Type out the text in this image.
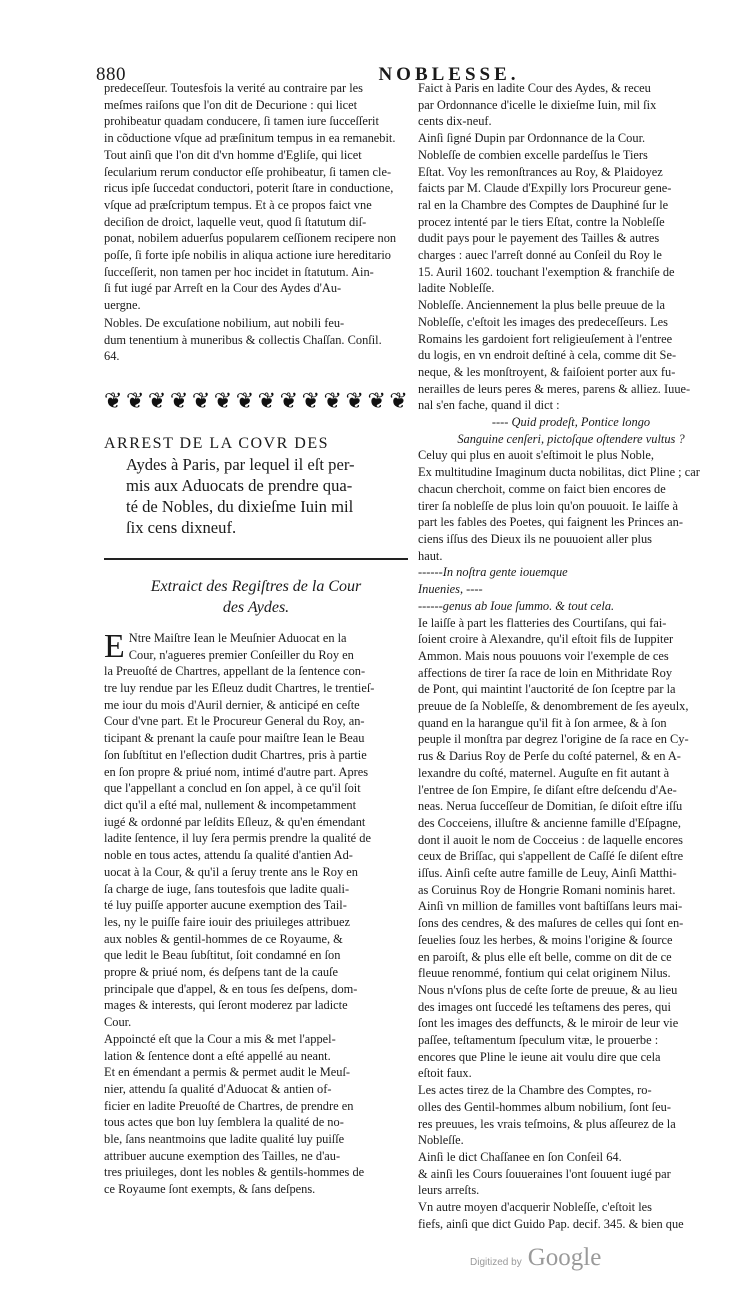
880	NOBLESSE.
predeceſſeur. Toutesfois la verité au contraire par les
meſmes raiſons que l'on dit de Decurione : qui licet
prohibeatur quadam conducere, ſi tamen iure ſucceſſerit
in cõductione vſque ad præſinitum tempus in ea remanebit.
Tout ainſi que l'on dit d'vn homme d'Egliſe, qui licet
ſecularium rerum conductor eſſe prohibeatur, ſi tamen cle-
ricus ipſe ſuccedat conductori, poterit ſtare in conductione,
vſque ad præſcriptum tempus. Et à ce propos faict vne
deciſion de droict, laquelle veut, quod ſi ſtatutum diſ-
ponat, nobilem aduerſus popularem ceſſionem recipere non
poſſe, ſi forte ipſe nobilis in aliqua actione iure hereditario
ſucceſſerit, non tamen per hoc incidet in ſtatutum. Ain-
ſi fut iugé par Arreſt en la Cour des Aydes d'Au-
uergne.
Nobles. De excuſatione nobilium, aut nobili feu-
dum tenentium à muneribus & collectis Chaſſan. Conſil.
64.
❦ ❦ ❦ ❦ ❦ ❦ ❦ ❦ ❦ ❦ ❦ ❦ ❦ ❦
ARREST DE LA COVR DES
Aydes à Paris, par lequel il eſt per-
mis aux Aduocats de prendre qua-
té de Nobles, du dixieſme Iuin mil
ſix cens dixneuf.
Extraict des Regiſtres de la Cour
des Aydes.
E Ntre Maiſtre Iean le Meuſnier Aduocat en la
Cour, n'agueres premier Conſeiller du Roy en
la Preuoſté de Chartres, appellant de la ſentence con-
tre luy rendue par les Eſleuz dudit Chartres, le trentieſ-
me iour du mois d'Auril dernier, & anticipé en ceſte
Cour d'vne part. Et le Procureur General du Roy, an-
ticipant & prenant la cauſe pour maiſtre Iean le Beau
ſon ſubſtitut en l'eſlection dudit Chartres, pris à partie
en ſon propre & priué nom, intimé d'autre part. Apres
que l'appellant a conclud en ſon appel, à ce qu'il ſoit
dict qu'il a eſté mal, nullement & incompetamment
iugé & ordonné par leſdits Eſleuz, & qu'en émendant
ladite ſentence, il luy ſera permis prendre la qualité de
noble en tous actes, attendu ſa qualité d'antien Ad-
uocat à la Cour, & qu'il a ſeruy trente ans le Roy en
ſa charge de iuge, ſans toutesfois que ladite quali-
té luy puiſſe apporter aucune exemption des Tail-
les, ny le puiſſe faire iouir des priuileges attribuez
aux nobles & gentil-hommes de ce Royaume, &
que ledit le Beau ſubſtitut, ſoit condamné en ſon
propre & priué nom, és deſpens tant de la cauſe
principale que d'appel, & en tous ſes deſpens, dom-
mages & interests, qui ſeront moderez par ladicte
Cour.
Appoincté eſt que la Cour a mis & met l'appel-
lation & ſentence dont a eſté appellé au neant.
Et en émendant a permis & permet audit le Meuſ-
nier, attendu ſa qualité d'Aduocat & antien of-
ficier en ladite Preuoſté de Chartres, de prendre en
tous actes que bon luy ſemblera la qualité de no-
ble, ſans neantmoins que ladite qualité luy puiſſe
attribuer aucune exemption des Tailles, ne d'au-
tres priuileges, dont les nobles & gentils-hommes de
ce Royaume ſont exempts, & ſans deſpens.
Faict à Paris en ladite Cour des Aydes, & receu
par Ordonnance d'icelle le dixieſme Iuin, mil ſix
cents dix-neuf.
Ainſi ſigné Dupin par Ordonnance de la Cour.
Nobleſſe de combien excelle pardeſſus le Tiers
Eſtat. Voy les remonſtrances au Roy, & Plaidoyez
faicts par M. Claude d'Expilly lors Procureur gene-
ral en la Chambre des Comptes de Dauphiné ſur le
procez intenté par le tiers Eſtat, contre la Nobleſſe
dudit pays pour le payement des Tailles & autres
charges : auec l'arreſt donné au Conſeil du Roy le
15. Auril 1602. touchant l'exemption & franchiſe de
ladite Nobleſſe.
Nobleſſe. Anciennement la plus belle preuue de la
Nobleſſe, c'eſtoit les images des predeceſſeurs. Les
Romains les gardoient fort religieuſement à l'entree
du logis, en vn endroit deſtiné à cela, comme dit Se-
neque, & les monſtroyent, & faiſoient porter aux fu-
nerailles de leurs peres & meres, parens & alliez. Iuue-
nal s'en fache, quand il dict :
---- Quid prodeſt, Pontice longo
Sanguine cenſeri, pictoſque oſtendere vultus ?
Celuy qui plus en auoit s'eſtimoit le plus Noble,
Ex multitudine Imaginum ducta nobilitas, dict Pline ; car
chacun cherchoit, comme on faict bien encores de
tirer ſa nobleſſe de plus loin qu'on pouuoit. Ie laiſſe à
part les fables des Poetes, qui faignent les Princes an-
ciens iſſus des Dieux ils ne pouuoient aller plus
haut.
------In noſtra gente iouemque
Inuenies, ----
------genus ab Ioue ſummo. & tout cela.
Ie laiſſe à part les flatteries des Courtiſans, qui fai-
ſoient croire à Alexandre, qu'il eſtoit fils de Iuppiter
Ammon. Mais nous pouuons voir l'exemple de ces
affections de tirer ſa race de loin en Mithridate Roy
de Pont, qui maintint l'auctorité de ſon ſceptre par la
preuue de ſa Nobleſſe, & denombrement de ſes ayeulx,
quand en la harangue qu'il fit à ſon armee, & à ſon
peuple il monſtra par degrez l'origine de ſa race en Cy-
rus & Darius Roy de Perſe du coſté paternel, & en A-
lexandre du coſté, maternel. Auguſte en fit autant à
l'entree de ſon Empire, ſe diſant eſtre deſcendu d'Ae-
neas. Nerua ſucceſſeur de Domitian, ſe diſoit eſtre iſſu
des Cocceiens, illuſtre & ancienne famille d'Eſpagne,
dont il auoit le nom de Cocceius : de laquelle encores
ceux de Briſſac, qui s'appellent de Caſſé ſe diſent eſtre
iſſus. Ainſi ceſte autre famille de Leuy, Ainſi Matthi-
as Coruinus Roy de Hongrie Romani nominis haret.
Ainſi vn million de familles vont baſtiſſans leurs mai-
ſons des cendres, & des maſures de celles qui ſont en-
ſeuelies ſouz les herbes, & moins l'origine & ſource
en paroiſt, & plus elle eſt belle, comme on dit de ce
fleuue renommé, fontium qui celat originem Nilus.
Nous n'vſons plus de ceſte ſorte de preuue, & au lieu
des images ont ſuccedé les teſtamens des peres, qui
ſont les images des deffuncts, & le miroir de leur vie
paſſee, teſtamentum ſpeculum vitæ, le prouerbe :
encores que Pline le ieune ait voulu dire que cela
eſtoit faux.
Les actes tirez de la Chambre des Comptes, ro-
olles des Gentil-hommes album nobilium, ſont ſeu-
res preuues, les vrais teſmoins, & plus aſſeurez de la
Nobleſſe.
Ainſi le dict Chaſſanee en ſon Conſeil 64.
& ainſi les Cours ſouueraines l'ont ſouuent iugé par
leurs arreſts.
Vn autre moyen d'acquerir Nobleſſe, c'eſtoit les
fiefs, ainſi que dict Guido Pap. decif. 345. & bien que
Digitized by Google
